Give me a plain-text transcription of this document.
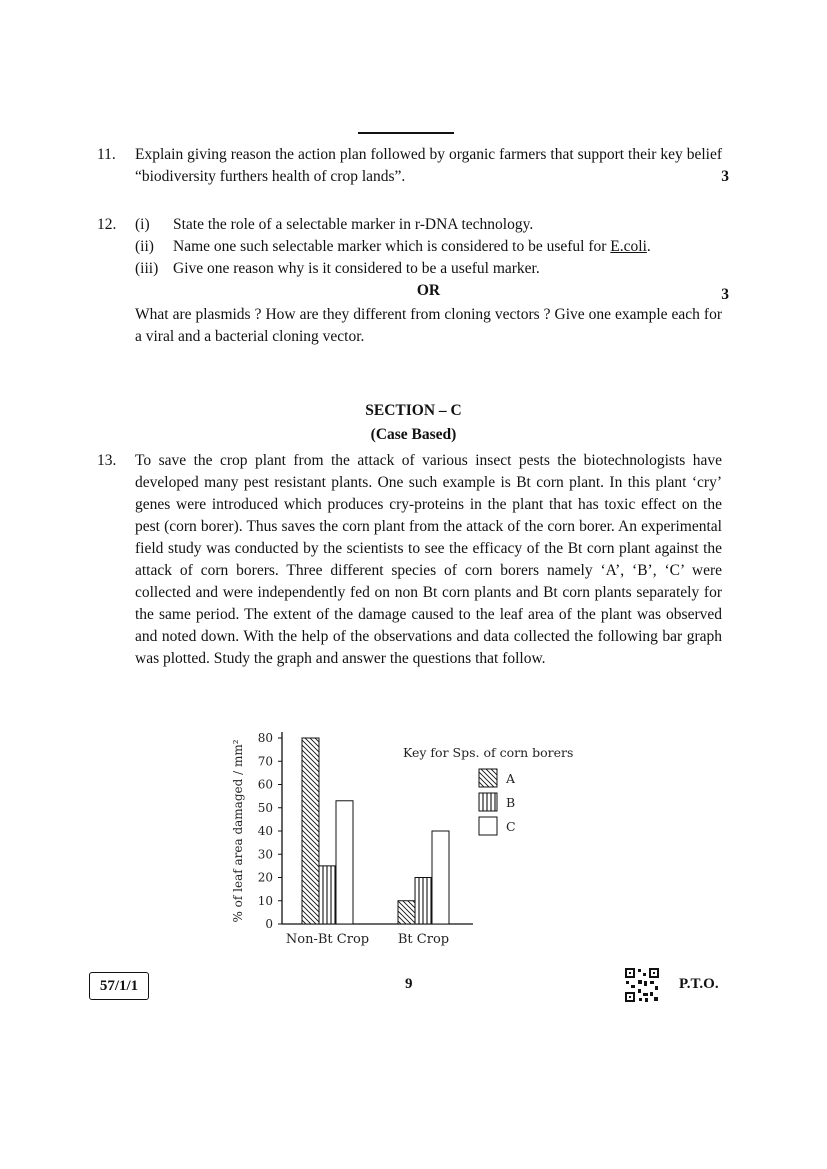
11. Explain giving reason the action plan followed by organic farmers that support their key belief “biodiversity furthers health of crop lands”.	3
12. (i) State the role of a selectable marker in r-DNA technology.
(ii) Name one such selectable marker which is considered to be useful for E.coli.
(iii) Give one reason why is it considered to be a useful marker.
OR
What are plasmids ? How are they different from cloning vectors ? Give one example each for a viral and a bacterial cloning vector.
3
SECTION – C
(Case Based)
13. To save the crop plant from the attack of various insect pests the biotechnologists have developed many pest resistant plants. One such example is Bt corn plant. In this plant ‘cry’ genes were introduced which produces cry-proteins in the plant that has toxic effect on the pest (corn borer). Thus saves the corn plant from the attack of the corn borer. An experimental field study was conducted by the scientists to see the efficacy of the Bt corn plant against the attack of corn borers. Three different species of corn borers namely ‘A’, ‘B’, ‘C’ were collected and were independently fed on non Bt corn plants and Bt corn plants separately for the same period. The extent of the damage caused to the leaf area of the plant was observed and noted down. With the help of the observations and data collected the following bar graph was plotted. Study the graph and answer the questions that follow.
% of leaf area damaged / mm²
0
10
20
30
40
50
60
70
80
Non-Bt Crop Bt Crop
Key for Sps. of corn borers
A
B
C
57/1/1	9	P.T.O.
